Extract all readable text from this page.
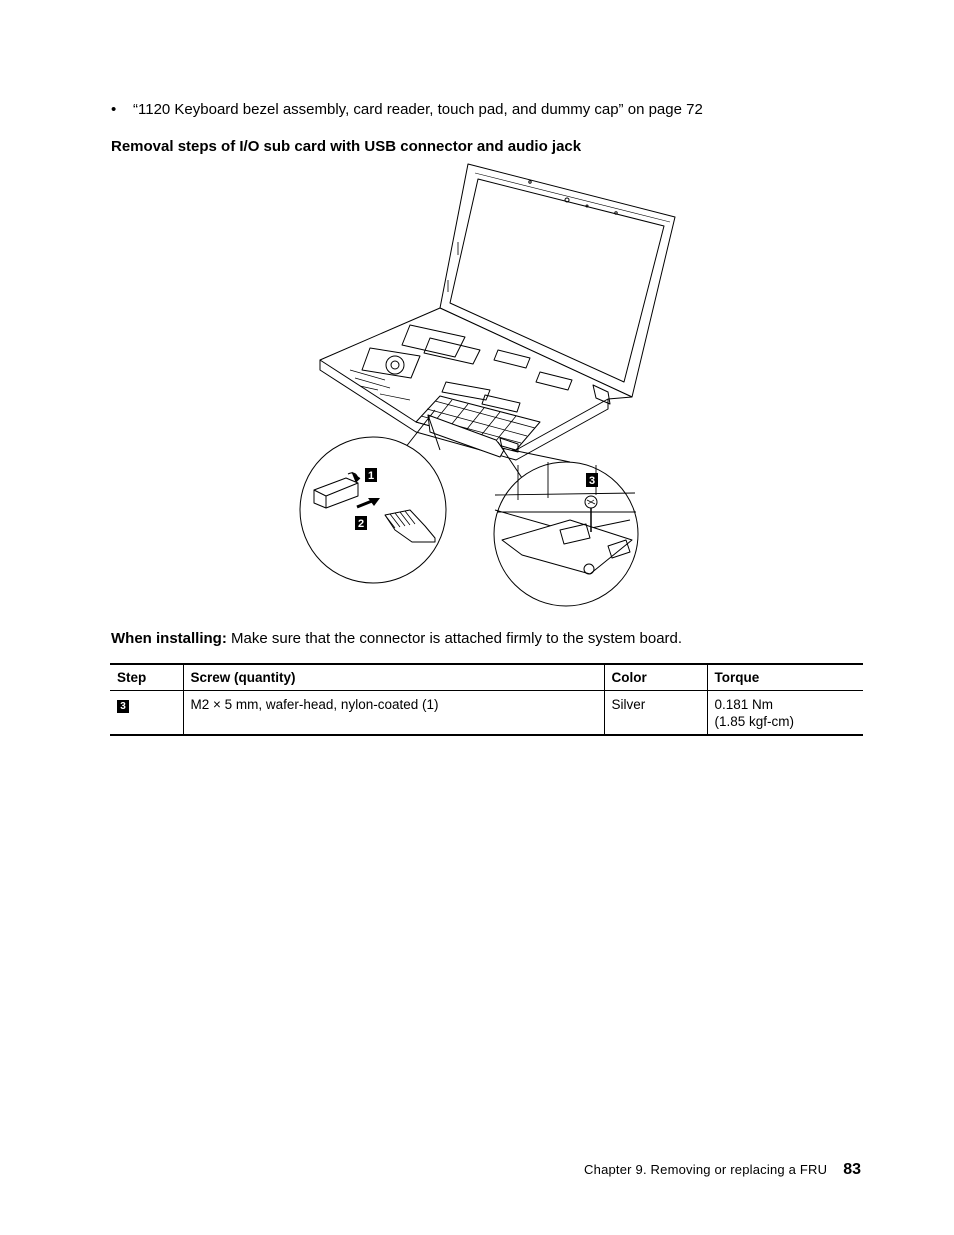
• “1120 Keyboard bezel assembly, card reader, touch pad, and dummy cap” on page 72
Removal steps of I/O sub card with USB connector and audio jack
1
2
3
When installing: Make sure that the connector is attached firmly to the system board.
Step	Screw (quantity)	Color	Torque
3	M2 × 5 mm, wafer-head, nylon-coated (1)	Silver	0.181 Nm
(1.85 kgf-cm)
Chapter 9. Removing or replacing a FRU 83
